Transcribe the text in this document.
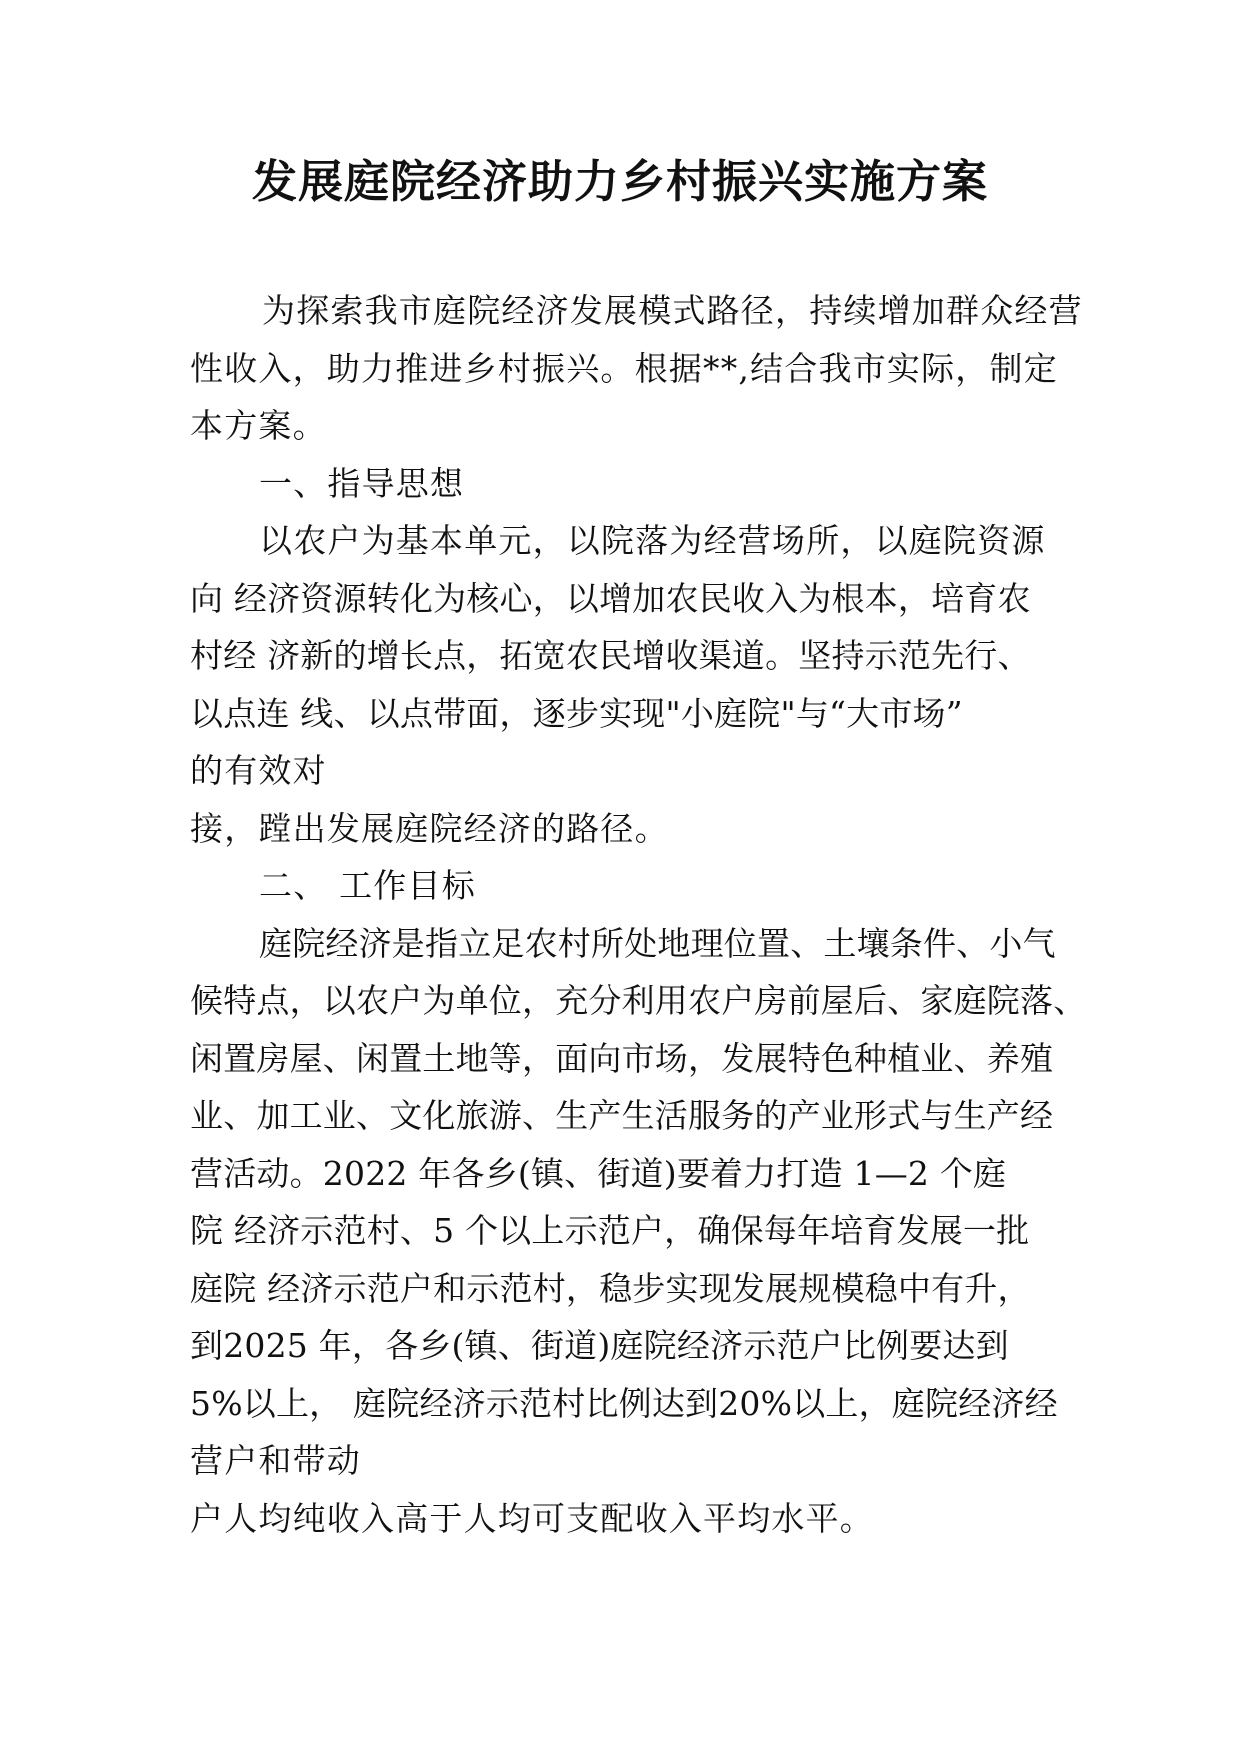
发展庭院经济助力乡村振兴实施方案
为探索我市庭院经济发展模式路径，持续增加群众经营
性收入，助力推进乡村振兴。根据**,结合我市实际，制定
本方案。
一、指导思想
以农户为基本单元，以院落为经营场所，以庭院资源
向 经济资源转化为核心，以增加农民收入为根本，培育农
村经 济新的增长点，拓宽农民增收渠道。坚持示范先行、
以点连 线、以点带面，逐步实现"小庭院"与“大市场”
的有效对
接，蹚出发展庭院经济的路径。
二、 工作目标
庭院经济是指立足农村所处地理位置、土壤条件、小气
候特点，以农户为单位，充分利用农户房前屋后、家庭院落、
闲置房屋、闲置土地等，面向市场，发展特色种植业、养殖
业、加工业、文化旅游、生产生活服务的产业形式与生产经
营活动。2022 年各乡(镇、街道)要着力打造 1—2 个庭
院 经济示范村、5 个以上示范户，确保每年培育发展一批
庭院 经济示范户和示范村，稳步实现发展规模稳中有升，
到2025 年，各乡(镇、街道)庭院经济示范户比例要达到
5%以上， 庭院经济示范村比例达到20%以上，庭院经济经
营户和带动
户人均纯收入高于人均可支配收入平均水平。
